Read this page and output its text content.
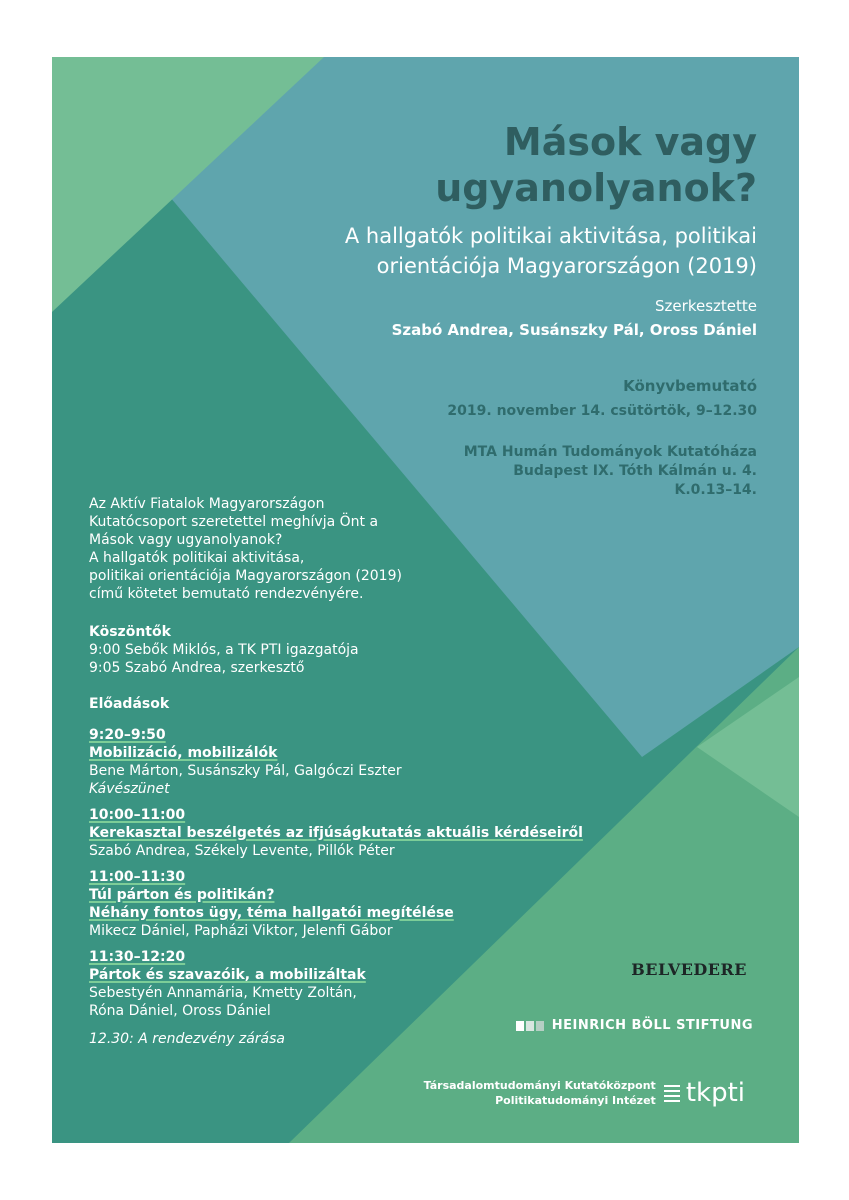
Mások vagy
ugyanolyanok?
A hallgatók politikai aktivitása, politikai
orientációja Magyarországon (2019)
Szerkesztette
Szabó Andrea, Susánszky Pál, Oross Dániel
Könyvbemutató
2019. november 14. csütörtök, 9–12.30
MTA Humán Tudományok Kutatóháza
Budapest IX. Tóth Kálmán u. 4.
K.0.13–14.

Az Aktív Fiatalok Magyarországon

Kutatócsoport szeretettel meghívja Önt a

Mások vagy ugyanolyanok?

A hallgatók politikai aktivitása,

politikai orientációja Magyarországon (2019)

című kötetet bemutató rendezvényére.

Köszöntők

9:00 Sebők Miklós, a TK PTI igazgatója

9:05 Szabó Andrea, szerkesztő

Előadások

9:20–9:50

Mobilizáció, mobilizálók

Bene Márton, Susánszky Pál, Galgóczi Eszter

Kávészünet

10:00–11:00

Kerekasztal beszélgetés az ifjúságkutatás aktuális kérdéseiről

Szabó Andrea, Székely Levente, Pillók Péter

11:00–11:30

Túl párton és politikán?

Néhány fontos ügy, téma hallgatói megítélése

Mikecz Dániel, Papházi Viktor, Jelenfi Gábor

11:30–12:20

Pártok és szavazóik, a mobilizáltak

Sebestyén Annamária, Kmetty Zoltán,

Róna Dániel, Oross Dániel

12.30: A rendezvény zárása

BELVEDERE
HEINRICH BÖLL STIFTUNG
Társadalomtudományi Kutatóközpont
Politikatudományi Intézet tkpti
